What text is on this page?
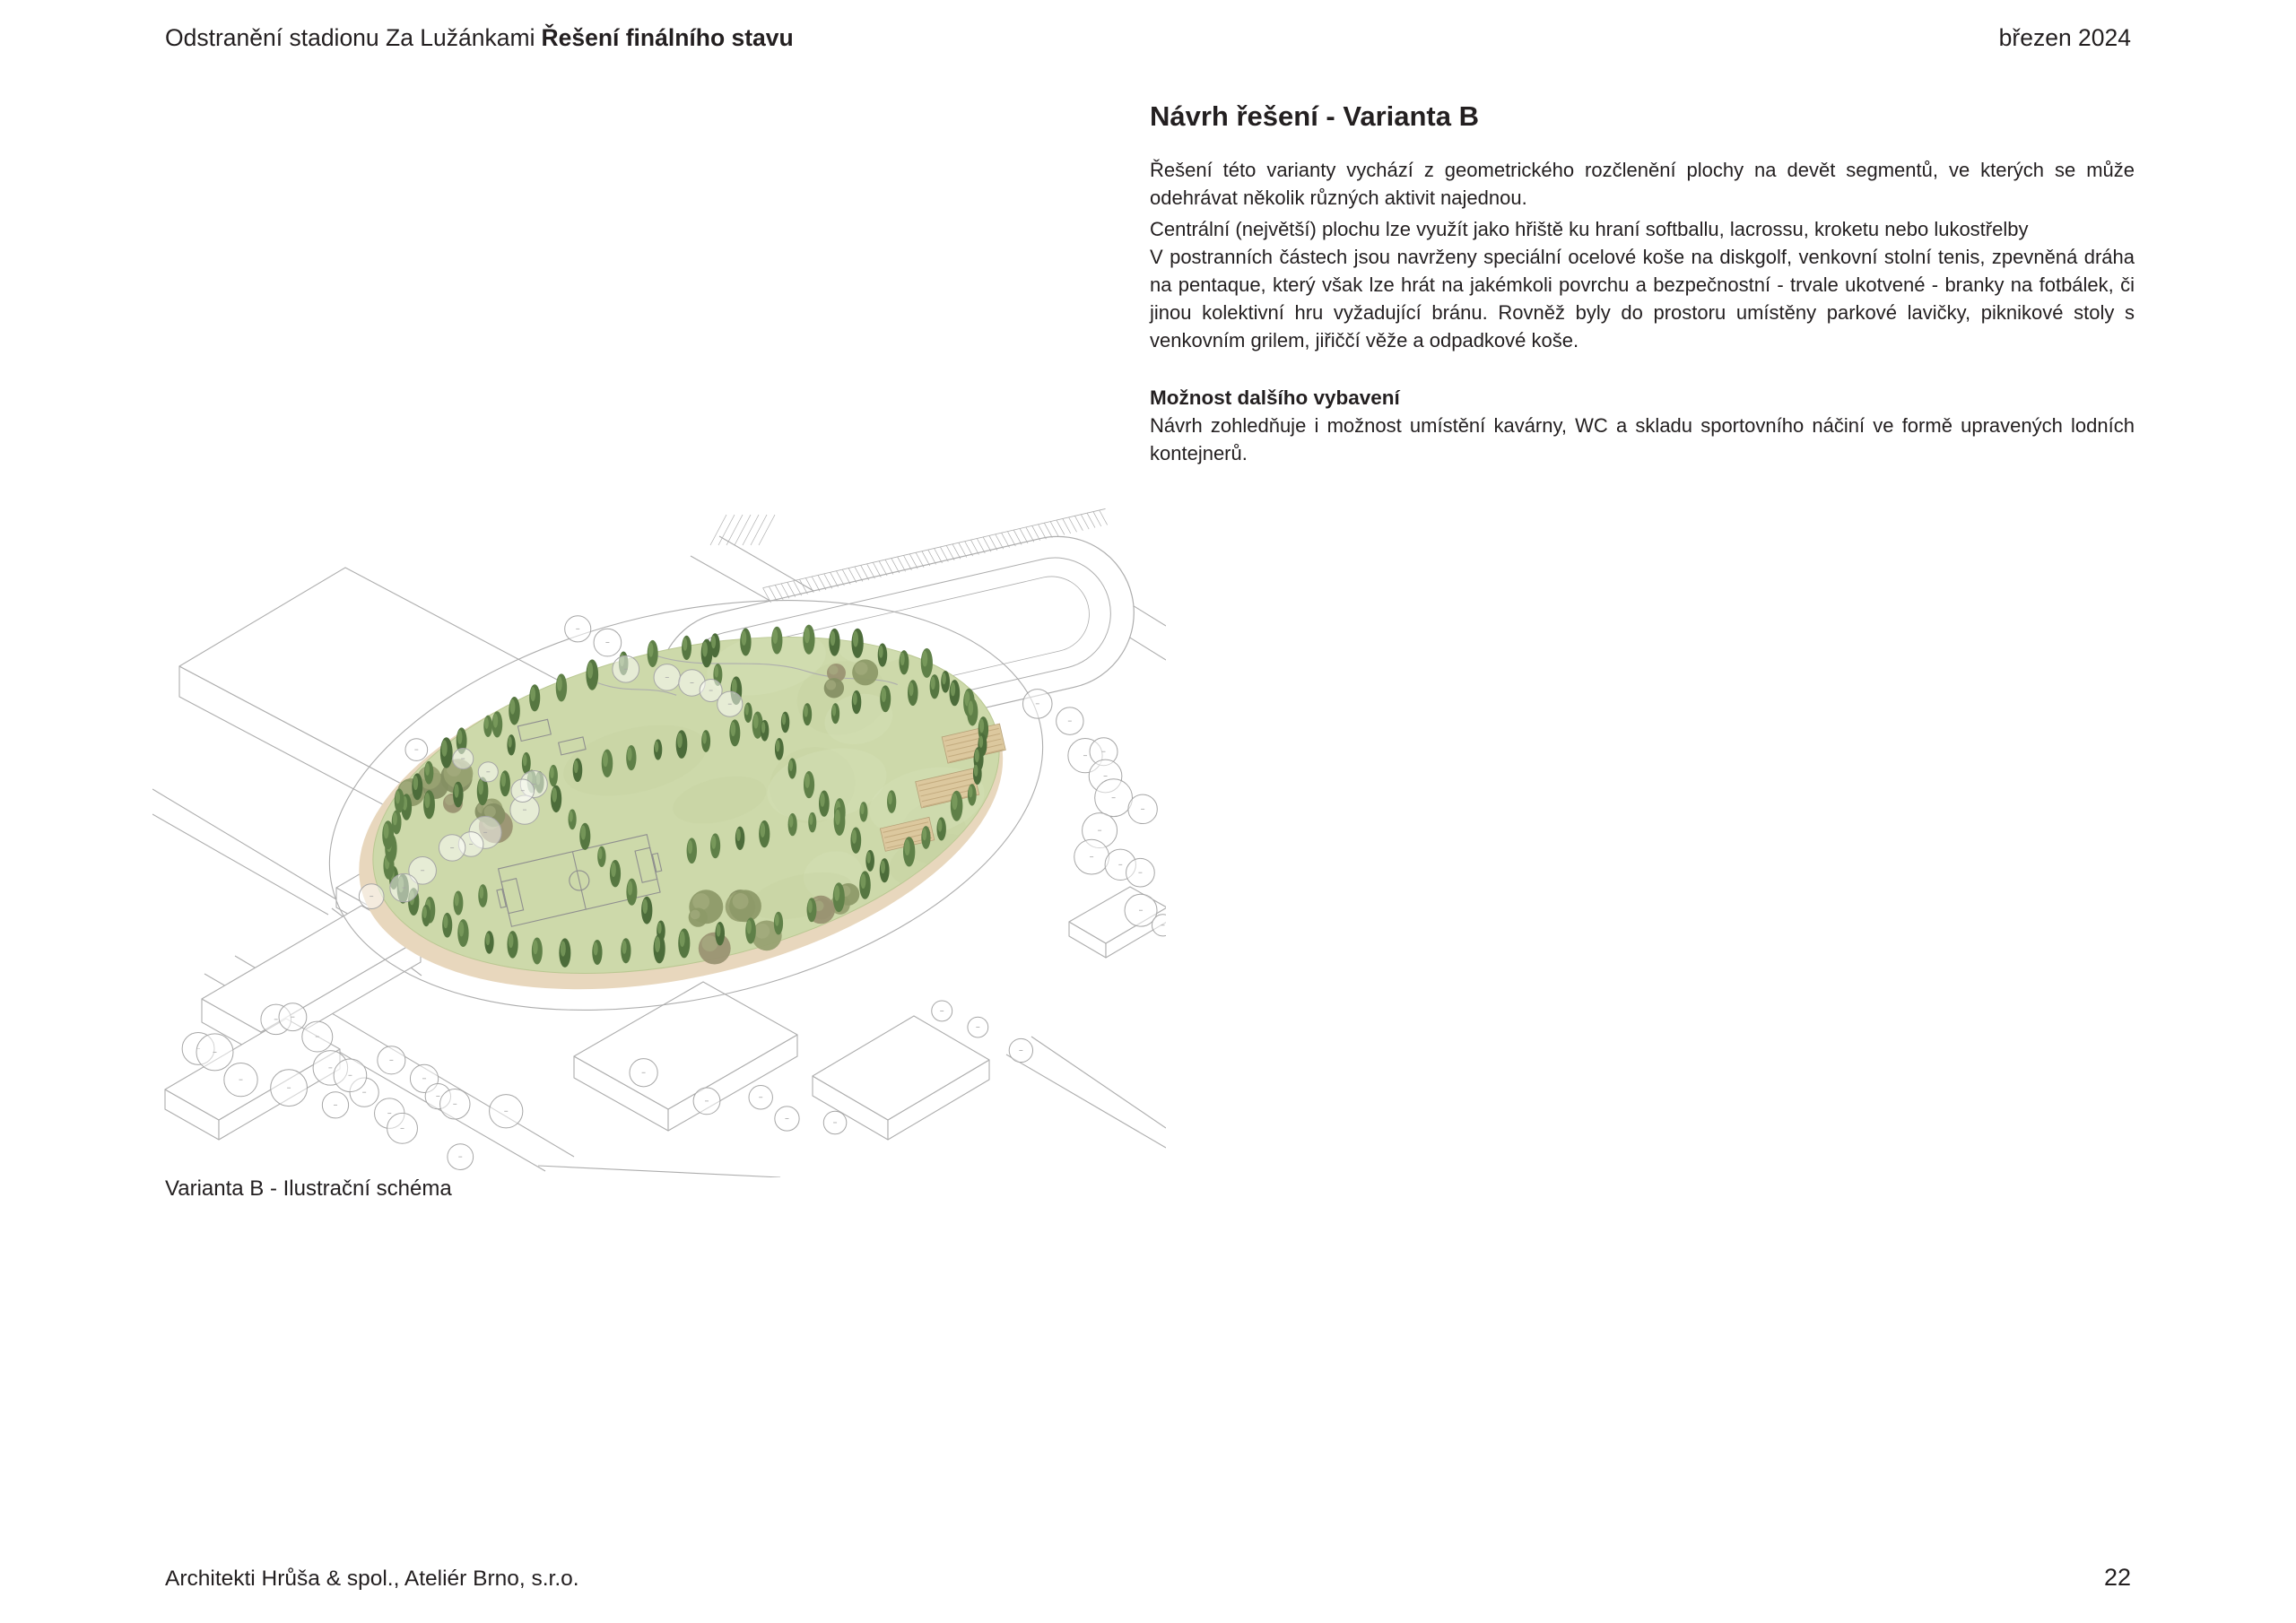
Odstranění stadionu Za Lužánkami Řešení finálního stavu	březen 2024
Návrh řešení - Varianta B

Řešení této varianty vychází z geometrického rozčlenění plochy na devět segmentů, ve kterých se může odehrávat několik různých aktivit najednou.

Centrální (největší) plochu lze využít jako hřiště ku hraní softballu, lacrossu, kroketu nebo lukostřelby

V postranních částech jsou navrženy speciální ocelové koše na diskgolf, venkovní stolní tenis, zpevněná dráha na pentaque, který však lze hrát na jakémkoli povrchu a bezpečnostní - trvale ukotvené - branky na fotbálek, či jinou kolektivní hru vyžadující bránu. Rovněž byly do prostoru umístěny parkové lavičky, piknikové stoly s venkovním grilem, jiřiččí věže a odpadkové koše.

Možnost dalšího vybavení

Návrh zohledňuje i možnost umístění kavárny, WC a skladu sportovního náčiní ve formě upravených lodních kontejnerů.

Varianta B - Ilustrační schéma
Architekti Hrůša & spol., Ateliér Brno, s.r.o.	22
